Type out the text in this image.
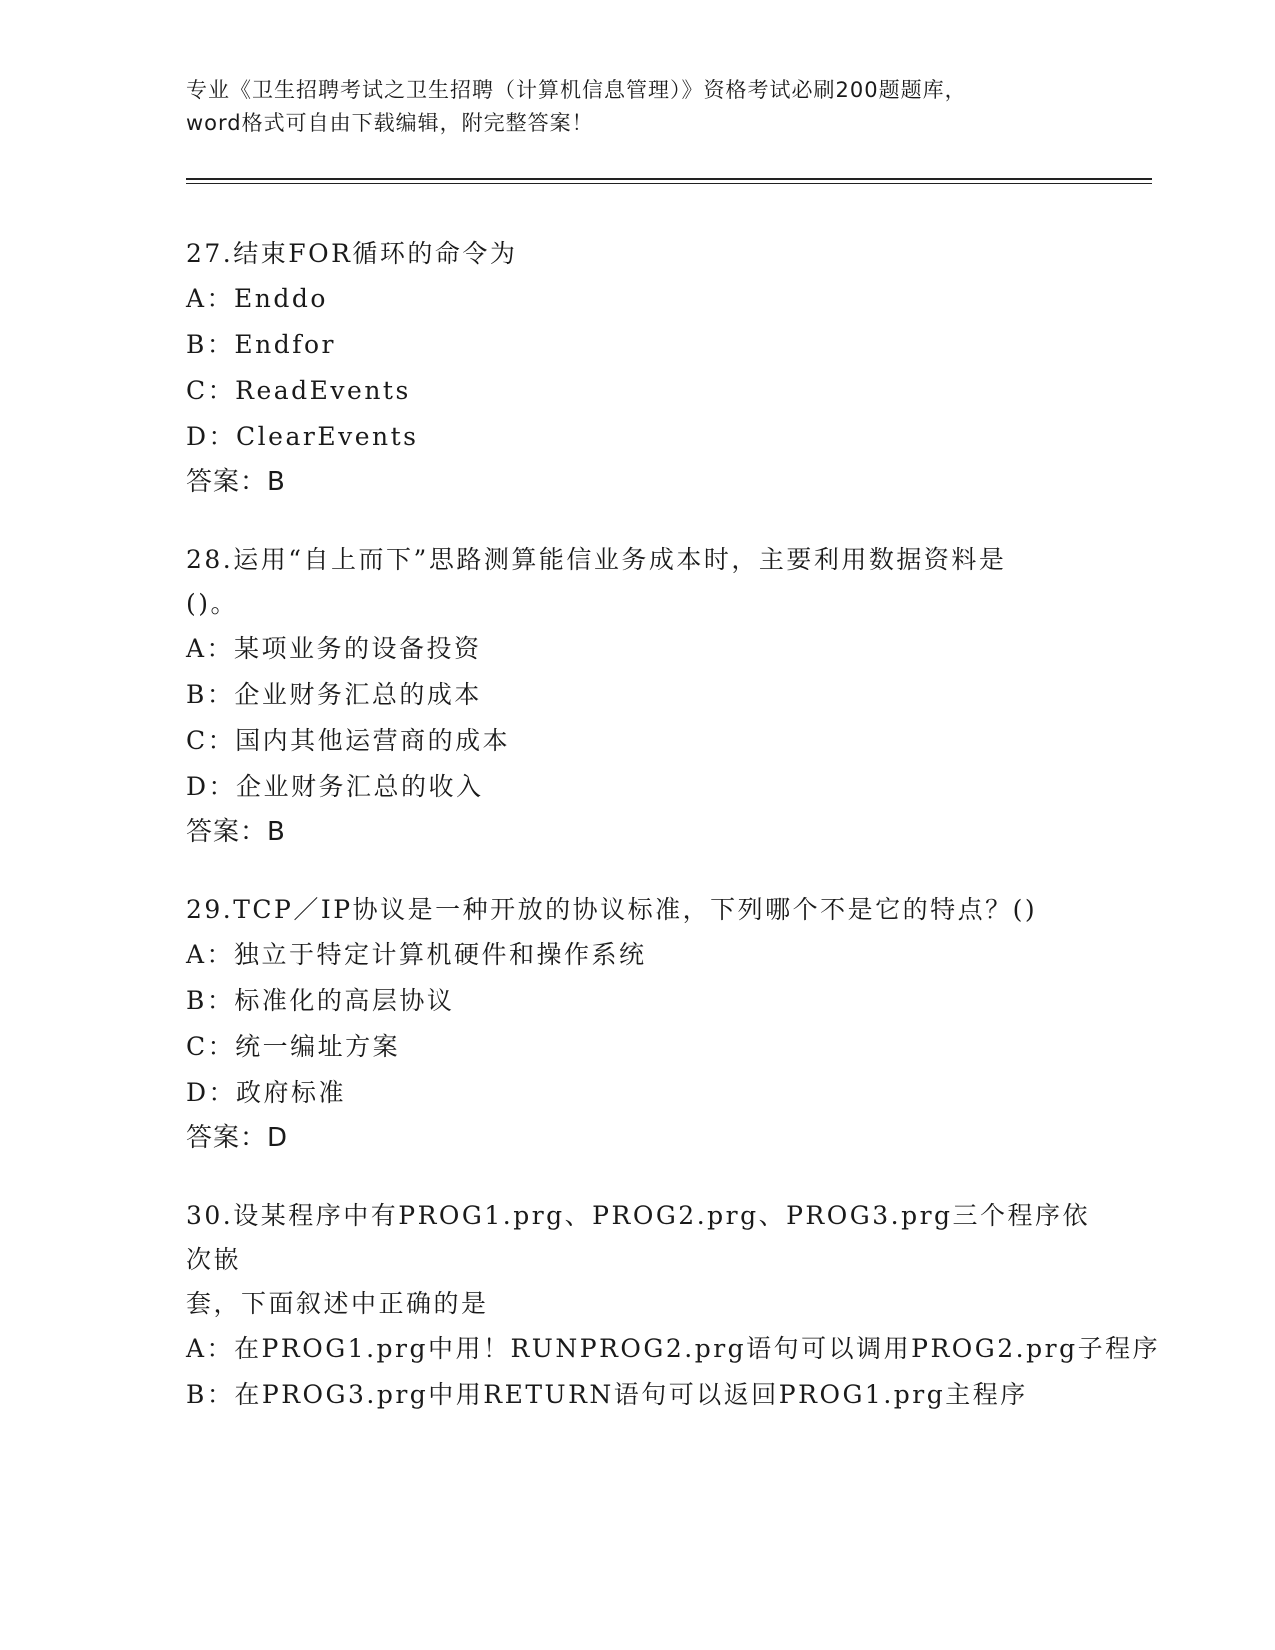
专业《卫生招聘考试之卫生招聘（计算机信息管理）》资格考试必刷200题题库，
word格式可自由下载编辑，附完整答案！
27.结束FOR循环的命令为
A：Enddo
B：Endfor
C：ReadEvents
D：ClearEvents
答案：B
28.运用“自上而下”思路测算能信业务成本时，主要利用数据资料是
()。
A：某项业务的设备投资
B：企业财务汇总的成本
C：国内其他运营商的成本
D：企业财务汇总的收入
答案：B
29.TCP／IP协议是一种开放的协议标准，下列哪个不是它的特点？()
A：独立于特定计算机硬件和操作系统
B：标准化的高层协议
C：统一编址方案
D：政府标准
答案：D
30.设某程序中有PROG1.prg、PROG2.prg、PROG3.prg三个程序依次嵌
套，下面叙述中正确的是
A：在PROG1.prg中用！RUNPROG2.prg语句可以调用PROG2.prg子程序
B：在PROG3.prg中用RETURN语句可以返回PROG1.prg主程序
